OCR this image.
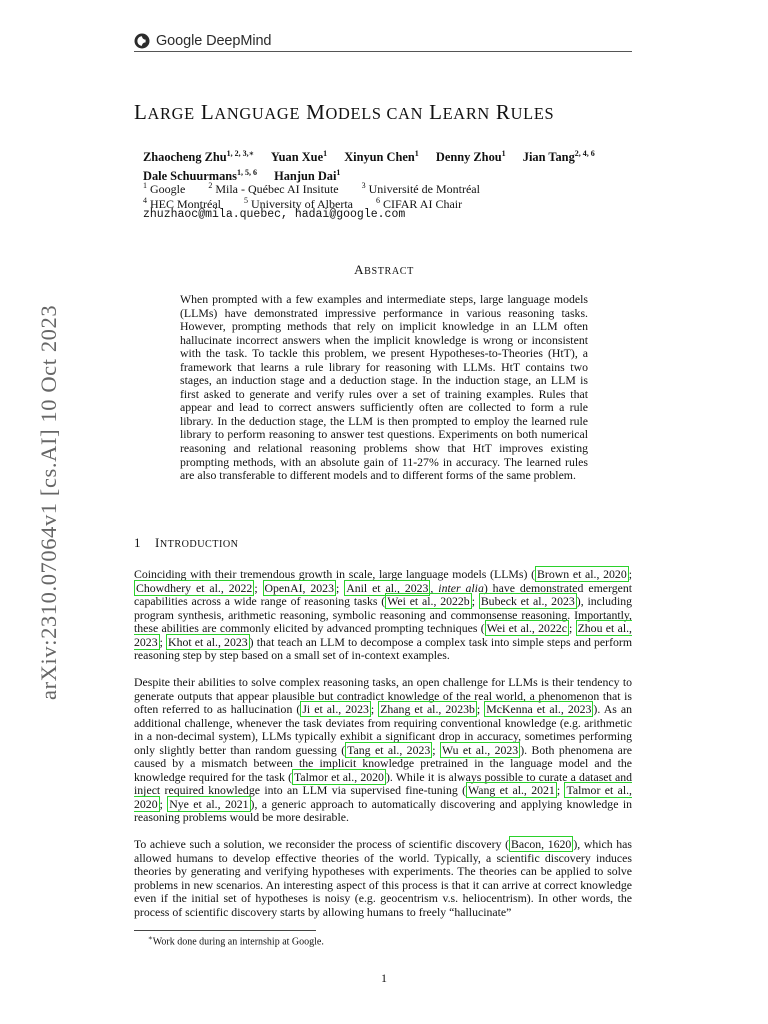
Google DeepMind
arXiv:2310.07064v1 [cs.AI] 10 Oct 2023
LARGE LANGUAGE MODELS CAN LEARN RULES
Zhaocheng Zhu$^{1, 2, 3,∗}$ Yuan Xue$^1$ Xinyun Chen$^1$ Denny Zhou$^1$ Jian Tang$^{2, 4, 6}$
Dale Schuurmans$^{1, 5, 6}$ Hanjun Dai$^1$
$^1$ Google	$^2$ Mila - Québec AI Insitute	$^3$ Université de Montréal
$^4$ HEC Montréal	$^5$ University of Alberta	$^6$ CIFAR AI Chair
zhuzhaoc@mila.quebec, hadai@google.com
ABSTRACT
When prompted with a few examples and intermediate steps, large language models (LLMs) have demonstrated impressive performance in various reasoning tasks. However, prompting methods that rely on implicit knowledge in an LLM often hallucinate incorrect answers when the implicit knowledge is wrong or inconsistent with the task. To tackle this problem, we present Hypotheses-to-Theories (HtT), a framework that learns a rule library for reasoning with LLMs. HtT contains two stages, an induction stage and a deduction stage. In the induction stage, an LLM is first asked to generate and verify rules over a set of training examples. Rules that appear and lead to correct answers sufficiently often are collected to form a rule library. In the deduction stage, the LLM is then prompted to employ the learned rule library to perform reasoning to answer test questions. Experiments on both numerical reasoning and relational reasoning problems show that HtT improves existing prompting methods, with an absolute gain of 11-27% in accuracy. The learned rules are also transferable to different models and to different forms of the same problem.
1 INTRODUCTION
Coinciding with their tremendous growth in scale, large language models (LLMs) ( Brown et al., 2020 ; Chowdhery et al., 2022 ; OpenAI, 2023 ; Anil et al., 2023 , inter alia) have demonstrated emergent capabilities across a wide range of reasoning tasks ( Wei et al., 2022b ; Bubeck et al., 2023 ), including program synthesis, arithmetic reasoning, symbolic reasoning and commonsense reasoning. Importantly, these abilities are commonly elicited by advanced prompting techniques ( Wei et al., 2022c ; Zhou et al., 2023 ; Khot et al., 2023 ) that teach an LLM to decompose a complex task into simple steps and perform reasoning step by step based on a small set of in-context examples.
Despite their abilities to solve complex reasoning tasks, an open challenge for LLMs is their tendency to generate outputs that appear plausible but contradict knowledge of the real world, a phenomenon that is often referred to as hallucination ( Ji et al., 2023 ; Zhang et al., 2023b ; McKenna et al., 2023 ). As an additional challenge, whenever the task deviates from requiring conventional knowledge (e.g. arithmetic in a non-decimal system), LLMs typically exhibit a significant drop in accuracy, sometimes performing only slightly better than random guessing ( Tang et al., 2023 ; Wu et al., 2023 ). Both phenomena are caused by a mismatch between the implicit knowledge pretrained in the language model and the knowledge required for the task ( Talmor et al., 2020 ). While it is always possible to curate a dataset and inject required knowledge into an LLM via supervised fine-tuning ( Wang et al., 2021 ; Talmor et al., 2020 ; Nye et al., 2021 ), a generic approach to automatically discovering and applying knowledge in reasoning problems would be more desirable.
To achieve such a solution, we reconsider the process of scientific discovery ( Bacon, 1620 ), which has allowed humans to develop effective theories of the world. Typically, a scientific discovery induces theories by generating and verifying hypotheses with experiments. The theories can be applied to solve problems in new scenarios. An interesting aspect of this process is that it can arrive at correct knowledge even if the initial set of hypotheses is noisy (e.g. geocentrism v.s. heliocentrism). In other words, the process of scientific discovery starts by allowing humans to freely “hallucinate”
∗Work done during an internship at Google.
1
